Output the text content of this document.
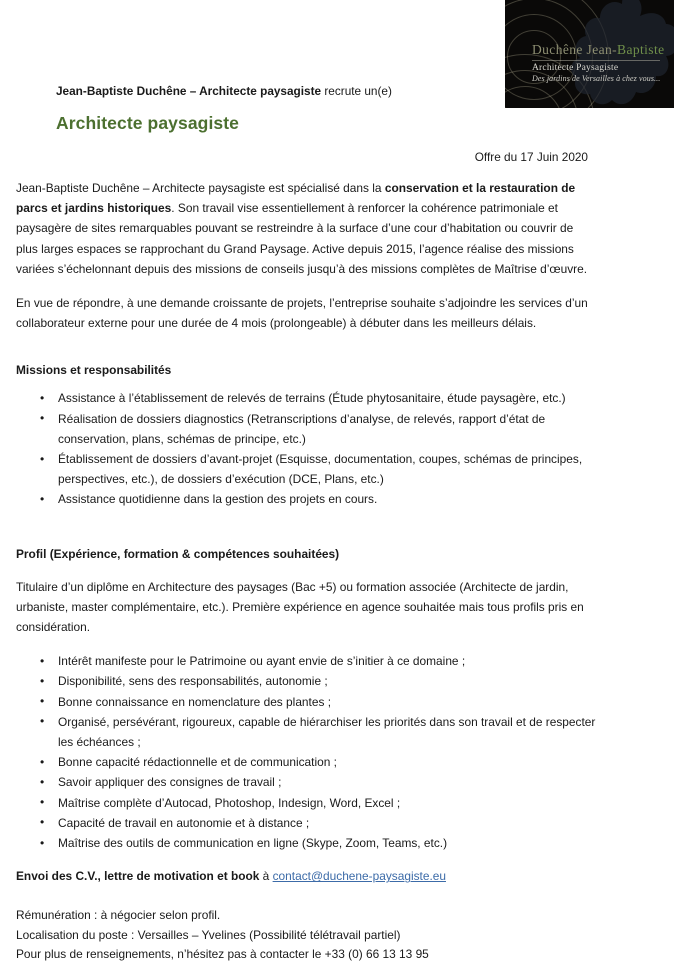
Duchêne Jean-Baptiste
Architecte Paysagiste
Des jardins de Versailles à chez vous...
Jean-Baptiste Duchêne – Architecte paysagiste recrute un(e)
Architecte paysagiste
Offre du 17 Juin 2020

Jean-Baptiste Duchêne – Architecte paysagiste est spécialisé dans la conservation et la restauration de parcs et jardins historiques. Son travail vise essentiellement à renforcer la cohérence patrimoniale et paysagère de sites remarquables pouvant se restreindre à la surface d’une cour d’habitation ou couvrir de plus larges espaces se rapprochant du Grand Paysage. Active depuis 2015, l’agence réalise des missions variées s’échelonnant depuis des missions de conseils jusqu’à des missions complètes de Maîtrise d’œuvre.

En vue de répondre, à une demande croissante de projets, l’entreprise souhaite s’adjoindre les services d’un collaborateur externe pour une durée de 4 mois (prolongeable) à débuter dans les meilleurs délais.

Missions et responsabilités
• Assistance à l’établissement de relevés de terrains (Étude phytosanitaire, étude paysagère, etc.)
• Réalisation de dossiers diagnostics (Retranscriptions d’analyse, de relevés, rapport d’état de conservation, plans, schémas de principe, etc.)
• Établissement de dossiers d’avant-projet (Esquisse, documentation, coupes, schémas de principes, perspectives, etc.), de dossiers d’exécution (DCE, Plans, etc.)
• Assistance quotidienne dans la gestion des projets en cours.
Profil (Expérience, formation & compétences souhaitées)

Titulaire d’un diplôme en Architecture des paysages (Bac +5) ou formation associée (Architecte de jardin, urbaniste, master complémentaire, etc.). Première expérience en agence souhaitée mais tous profils pris en considération.

• Intérêt manifeste pour le Patrimoine ou ayant envie de s’initier à ce domaine ;
• Disponibilité, sens des responsabilités, autonomie ;
• Bonne connaissance en nomenclature des plantes ;
• Organisé, persévérant, rigoureux, capable de hiérarchiser les priorités dans son travail et de respecter les échéances ;
• Bonne capacité rédactionnelle et de communication ;
• Savoir appliquer des consignes de travail ;
• Maîtrise complète d’Autocad, Photoshop, Indesign, Word, Excel ;
• Capacité de travail en autonomie et à distance ;
• Maîtrise des outils de communication en ligne (Skype, Zoom, Teams, etc.)
Envoi des C.V., lettre de motivation et book à contact@duchene-paysagiste.eu
Rémunération : à négocier selon profil.
Localisation du poste : Versailles – Yvelines (Possibilité télétravail partiel)
Pour plus de renseignements, n’hésitez pas à contacter le +33 (0) 66 13 13 95
